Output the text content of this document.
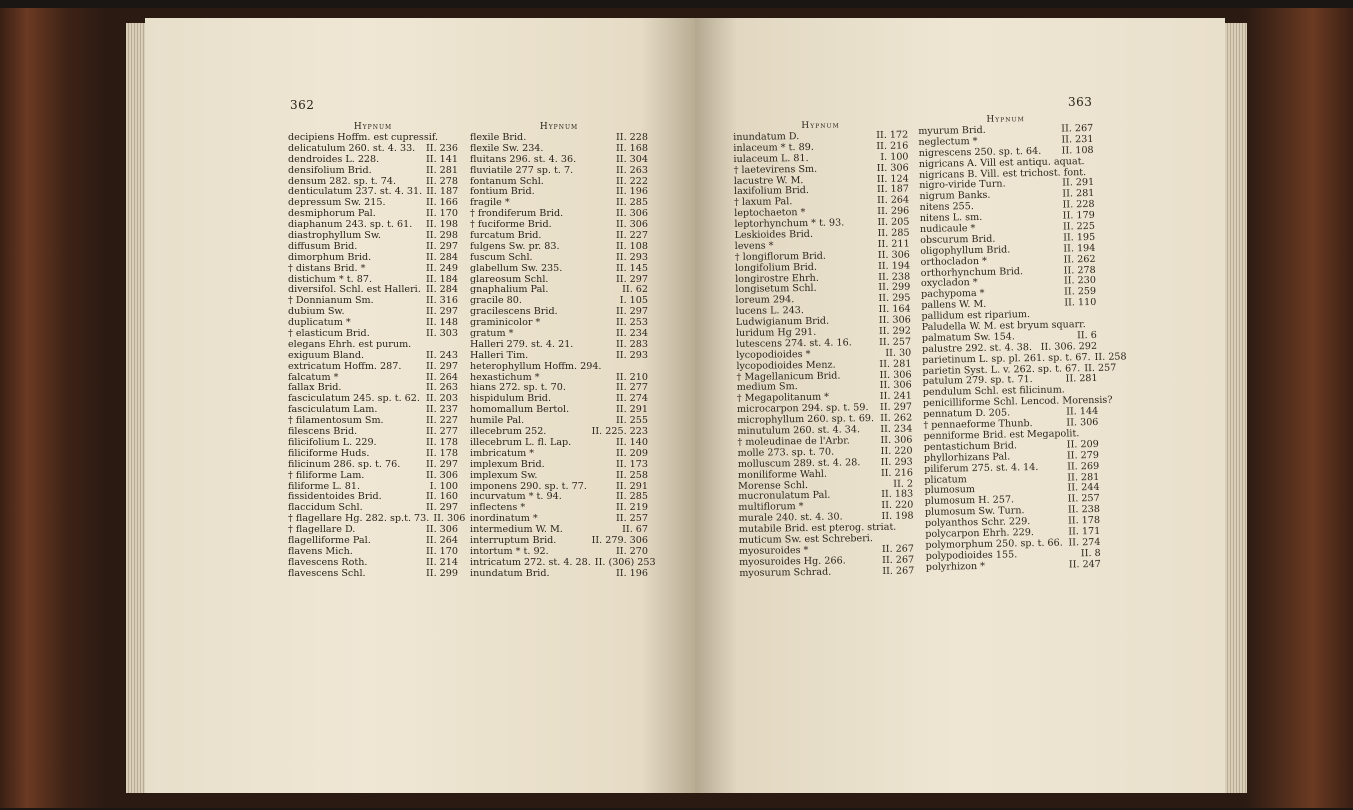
362	363
Hypnum
decipiens Hoffm. est cupressif.
delicatulum 260. st. 4. 33.	II. 236
dendroides L. 228.	II. 141
densifolium Brid.	II. 281
densum 282. sp. t. 74.	II. 278
denticulatum 237. st. 4. 31. II. 187
depressum Sw. 215.	II. 166
desmiphorum Pal.	II. 170
diaphanum 243. sp. t. 61.	II. 198
diastrophyllum Sw.	II. 298
diffusum Brid.	II. 297
dimorphum Brid.	II. 284
† distans Brid. *	II. 249
distichum * t. 87.	II. 184
diversifol. Schl. est Halleri. II. 284
† Donnianum Sm.	II. 316
dubium Sw.	II. 297
duplicatum *	II. 148
† elasticum Brid.	II. 303
elegans Ehrh. est purum.
exiguum Bland.	II. 243
extricatum Hoffm. 287.	II. 297
falcatum *	II. 264
fallax Brid.	II. 263
fasciculatum 245. sp. t. 62. II. 203
fasciculatum Lam.	II. 237
† filamentosum Sm.	II. 227
filescens Brid.	II. 277
filicifolium L. 229.	II. 178
filiciforme Huds.	II. 178
filicinum 286. sp. t. 76.	II. 297
† filiforme Lam.	II. 306
filiforme L. 81.	I. 100
fissidentoides Brid.	II. 160
flaccidum Schl.	II. 297
† flagellare Hg. 282. sp.t. 73. II. 306
† flagellare D.	II. 306
flagelliforme Pal.	II. 264
flavens Mich.	II. 170
flavescens Roth.	II. 214
flavescens Schl.	II. 299
Hypnum
flexile Brid.	II. 228
flexile Sw. 234.	II. 168
fluitans 296. st. 4. 36.	II. 304
fluviatile 277 sp. t. 7.	II. 263
fontanum Schl.	II. 222
fontium Brid.	II. 196
fragile *	II. 285
† frondiferum Brid.	II. 306
† fuciforme Brid.	II. 306
furcatum Brid.	II. 227
fulgens Sw. pr. 83.	II. 108
fuscum Schl.	II. 293
glabellum Sw. 235.	II. 145
glareosum Schl.	II. 297
gnaphalium Pal.	II. 62
gracile 80.	I. 105
gracilescens Brid.	II. 297
graminicolor *	II. 253
gratum *	II. 234
Halleri 279. st. 4. 21.	II. 283
Halleri Tim.	II. 293
heterophyllum Hoffm. 294.
hexastichum *	II. 210
hians 272. sp. t. 70.	II. 277
hispidulum Brid.	II. 274
homomallum Bertol.	II. 291
humile Pal.	II. 255
illecebrum 252.	II. 225. 223
illecebrum L. fl. Lap.	II. 140
imbricatum *	II. 209
implexum Brid.	II. 173
implexum Sw.	II. 258
imponens 290. sp. t. 77.	II. 291
incurvatum * t. 94.	II. 285
inflectens *	II. 219
inordinatum *	II. 257
intermedium W. M.	II. 67
interruptum Brid.	II. 279. 306
intortum * t. 92.	II. 270
intricatum 272. st. 4. 28. II. (306) 253
inundatum Brid.	II. 196
Hypnum
inundatum D.	II. 172
inlaceum * t. 89.	II. 216
iulaceum L. 81.	I. 100
† laetevirens Sm.	II. 306
lacustre W. M.	II. 124
laxifolium Brid.	II. 187
† laxum Pal.	II. 264
leptochaeton *	II. 296
leptorhynchum * t. 93.	II. 205
Leskioides Brid.	II. 285
levens *	II. 211
† longiflorum Brid.	II. 306
longifolium Brid.	II. 194
longirostre Ehrh.	II. 238
longisetum Schl.	II. 299
loreum 294.	II. 295
lucens L. 243.	II. 164
Ludwigianum Brid.	II. 306
luridum Hg 291.	II. 292
lutescens 274. st. 4. 16.	II. 257
lycopodioides *	II. 30
lycopodioides Menz.	II. 281
† Magellanicum Brid.	II. 306
medium Sm.	II. 306
† Megapolitanum *	II. 241
microcarpon 294. sp. t. 59.	II. 297
microphyllum 260. sp. t. 69. II. 262
minutulum 260. st. 4. 34.	II. 234
† moleudinae de l'Arbr.	II. 306
molle 273. sp. t. 70.	II. 220
molluscum 289. st. 4. 28.	II. 293
moniliforme Wahl.	II. 216
Morense Schl.	II. 2
mucronulatum Pal.	II. 183
multiflorum *	II. 220
murale 240. st. 4. 30.	II. 198
mutabile Brid. est pterog. striat.
muticum Sw. est Schreberi.
myosuroides *	II. 267
myosuroides Hg. 266.	II. 267
myosurum Schrad.	II. 267
Hypnum
myurum Brid.	II. 267
neglectum *	II. 231
nigrescens 250. sp. t. 64.	II. 108
nigricans A. Vill est antiqu. aquat.
nigricans B. Vill. est trichost. font.
nigro-viride Turn.	II. 291
nigrum Banks.	II. 281
nitens 255.	II. 228
nitens L. sm.	II. 179
nudicaule *	II. 225
obscurum Brid.	II. 195
oligophyllum Brid.	II. 194
orthocladon *	II. 262
orthorhynchum Brid.	II. 278
oxycladon *	II. 230
pachypoma *	II. 259
pallens W. M.	II. 110
pallidum est riparium.
Paludella W. M. est bryum squarr.
palmatum Sw. 154.	II. 6
palustre 292. st. 4. 38. II. 306. 292
parietinum L. sp. pl. 261. sp. t. 67. II. 258
parietin Syst. L. v. 262. sp. t. 67. II. 257
patulum 279. sp. t. 71.	II. 281
pendulum Schl. est filicinum.
penicilliforme Schl. Lencod. Morensis?
pennatum D. 205.	II. 144
† pennaeforme Thunb.	II. 306
penniforme Brid. est Megapolit.
pentastichum Brid.	II. 209
phyllorhizans Pal.	II. 279
piliferum 275. st. 4. 14.	II. 269
plicatum	II. 281
plumosum	II. 244
plumosum H. 257.	II. 257
plumosum Sw. Turn.	II. 238
polyanthos Schr. 229.	II. 178
polycarpon Ehrh. 229.	II. 171
polymorphum 250. sp. t. 66. II. 274
polypodioides 155.	II. 8
polyrhizon *	II. 247
